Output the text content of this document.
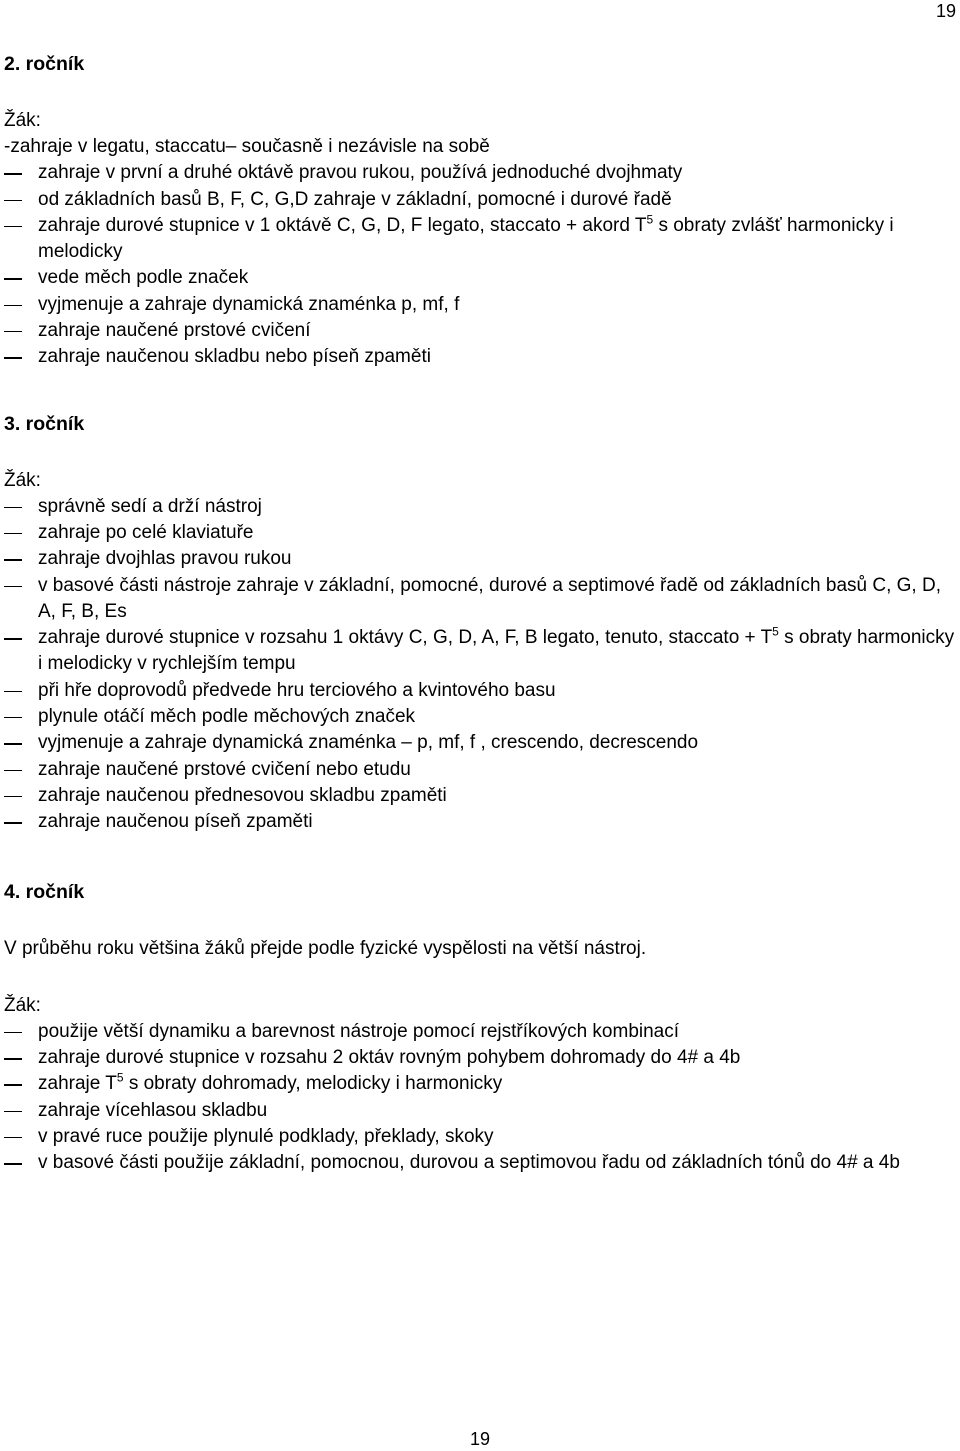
19
2. ročník
Žák:
-zahraje v legatu, staccatu– současně i nezávisle na sobě
zahraje v první a druhé oktávě pravou rukou, používá jednoduché dvojhmaty
od základních basů B, F, C, G,D zahraje v základní, pomocné i durové řadě
zahraje durové stupnice v 1 oktávě C, G, D, F legato, staccato + akord $T^5$ s obraty zvlášť harmonicky i melodicky
vede měch podle značek
vyjmenuje a zahraje dynamická znaménka p, mf, f
zahraje naučené prstové cvičení
zahraje naučenou skladbu nebo píseň zpaměti
3. ročník
Žák:
správně sedí a drží nástroj
zahraje po celé klaviatuře
zahraje dvojhlas pravou rukou
v basové části nástroje zahraje v základní, pomocné, durové a septimové řadě od základních basů C, G, D, A, F, B, Es
zahraje durové stupnice v rozsahu 1 oktávy C, G, D, A, F, B legato, tenuto, staccato + $T^5$ s obraty harmonicky i melodicky v rychlejším tempu
při hře doprovodů předvede hru terciového a kvintového basu
plynule otáčí měch podle měchových značek
vyjmenuje a zahraje dynamická znaménka – p, mf, f , crescendo, decrescendo
zahraje naučené prstové cvičení nebo etudu
zahraje naučenou přednesovou skladbu zpaměti
zahraje naučenou píseň zpaměti
4. ročník
V průběhu roku většina žáků přejde podle fyzické vyspělosti na větší nástroj.
Žák:
použije větší dynamiku a barevnost nástroje pomocí rejstříkových kombinací
zahraje durové stupnice v rozsahu 2 oktáv rovným pohybem dohromady do 4# a 4b
zahraje $T^5$ s obraty dohromady, melodicky i harmonicky
zahraje vícehlasou skladbu
v pravé ruce použije plynulé podklady, překlady, skoky
v basové části použije základní, pomocnou, durovou a septimovou řadu od základních tónů do 4# a 4b
19
